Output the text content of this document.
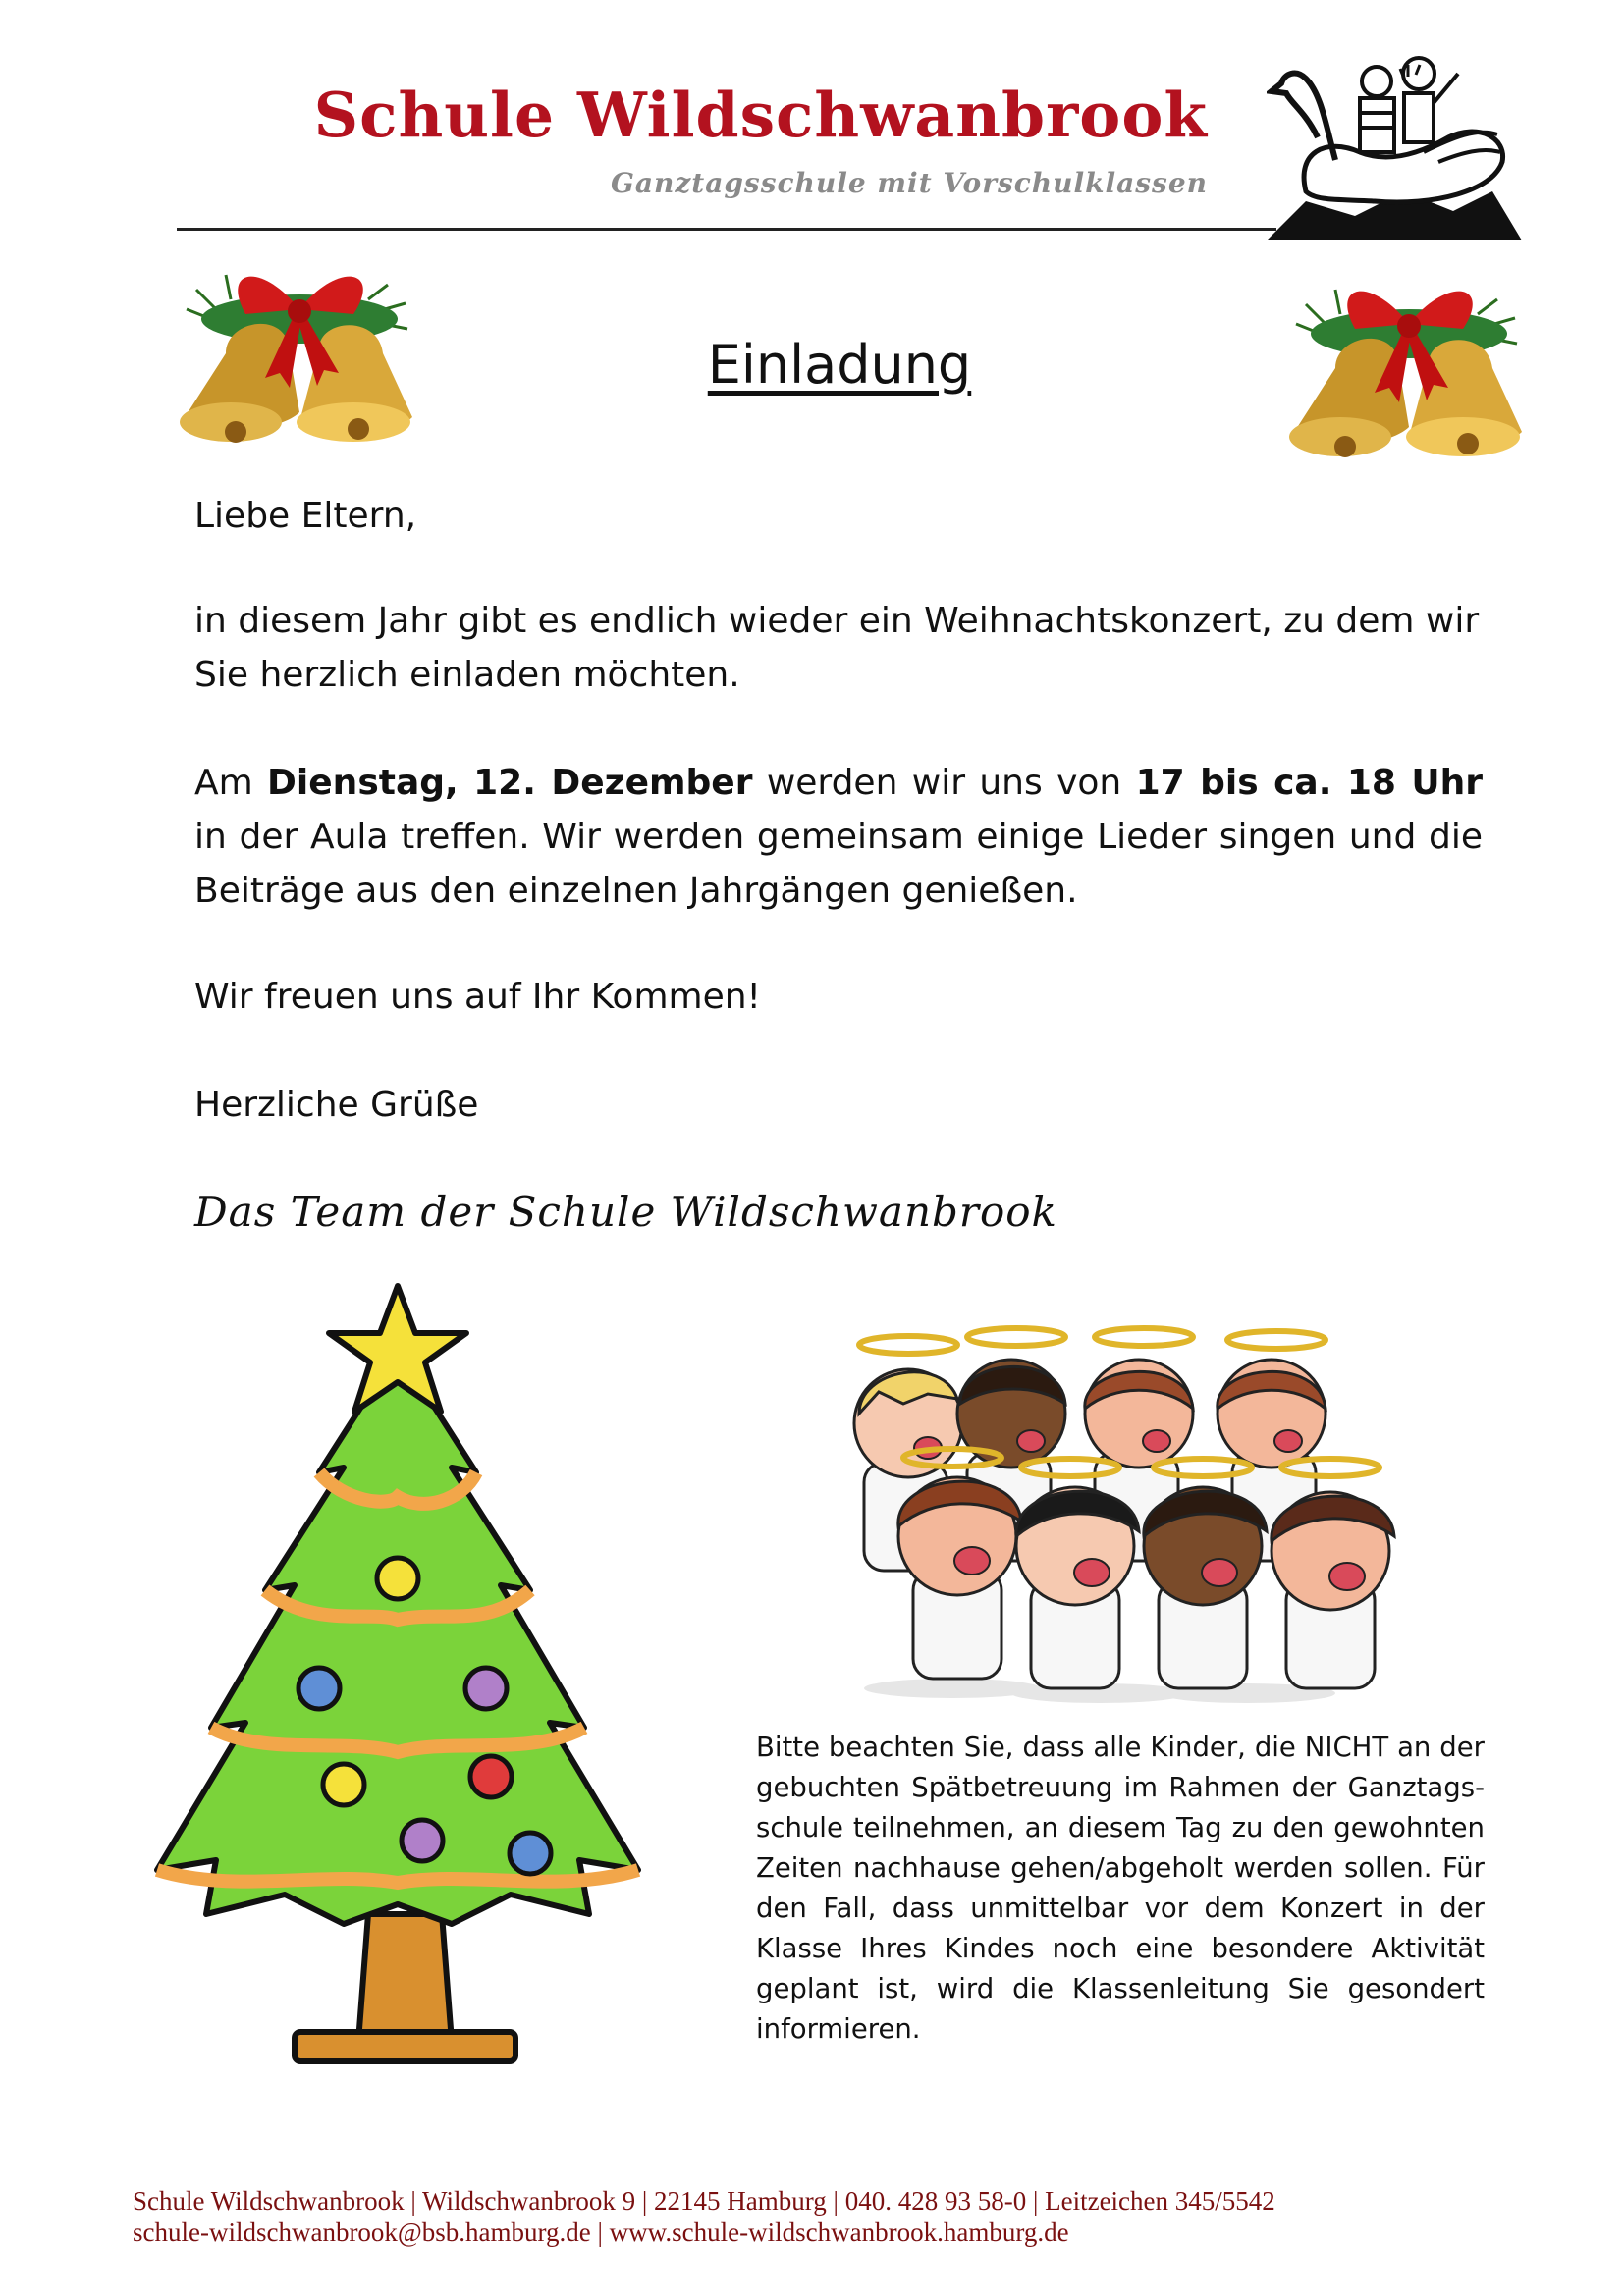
Schule Wildschwanbrook
Ganztagsschule mit Vorschulklassen
Einladung
Liebe Eltern,
in diesem Jahr gibt es endlich wieder ein Weihnachtskonzert, zu dem wir Sie herzlich einladen möchten.
Am Dienstag, 12. Dezember werden wir uns von 17 bis ca. 18 Uhr in der Aula treffen. Wir werden gemeinsam einige Lieder singen und die Beiträge aus den einzelnen Jahrgängen genießen.
Wir freuen uns auf Ihr Kommen!
Herzliche Grüße
Das Team der Schule Wildschwanbrook
Bitte beachten Sie, dass alle Kinder, die NICHT an der gebuchten Spätbetreuung im Rahmen der Ganztags-schule teilnehmen, an diesem Tag zu den gewohnten Zeiten nachhause gehen/abgeholt werden sollen. Für den Fall, dass unmittelbar vor dem Konzert in der Klasse Ihres Kindes noch eine besondere Aktivität geplant ist, wird die Klassenleitung Sie gesondert informieren.
Schule Wildschwanbrook | Wildschwanbrook 9 | 22145 Hamburg | 040. 428 93 58-0 | Leitzeichen 345/5542
schule-wildschwanbrook@bsb.hamburg.de | www.schule-wildschwanbrook.hamburg.de
